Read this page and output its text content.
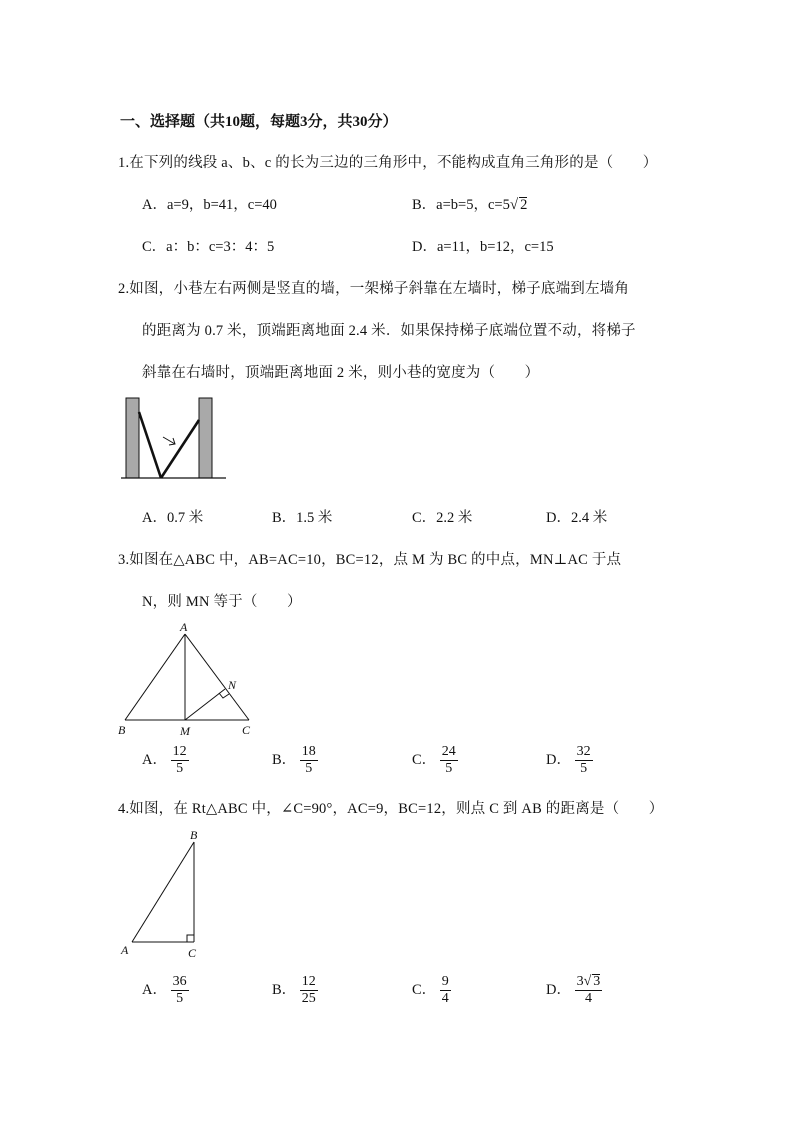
一、选择题（共10题，每题3分，共30分）
1.在下列的线段 a、b、c 的长为三边的三角形中，不能构成直角三角形的是（　　）
A．a=9，b=41，c=40	B．a=b=5，c=5√ 2
C．a：b：c=3：4：5	D．a=11，b=12，c=15
2.如图，小巷左右两侧是竖直的墙，一架梯子斜靠在左墙时，梯子底端到左墙角
的距离为 0.7 米，顶端距离地面 2.4 米．如果保持梯子底端位置不动，将梯子
斜靠在右墙时，顶端距离地面 2 米，则小巷的宽度为（　　）
A．0.7 米	B．1.5 米	C．2.2 米	D．2.4 米
3.如图在△ABC 中，AB=AC=10，BC=12，点 M 为 BC 的中点，MN⊥AC 于点
N，则 MN 等于（　　）
A
B	C
M
N
A． $\frac{12}{5}$	B． $\frac{18}{5}$	C． $\frac{24}{5}$	D． $\frac{32}{5}$
4.如图，在 Rt△ABC 中，∠C=90°，AC=9，BC=12，则点 C 到 AB 的距离是（　　）
B
A	C
A． $\frac{36}{5}$	B． $\frac{12}{25}$	C． $\frac{9}{4}$	D． $\frac{3√ 3}{4}$
